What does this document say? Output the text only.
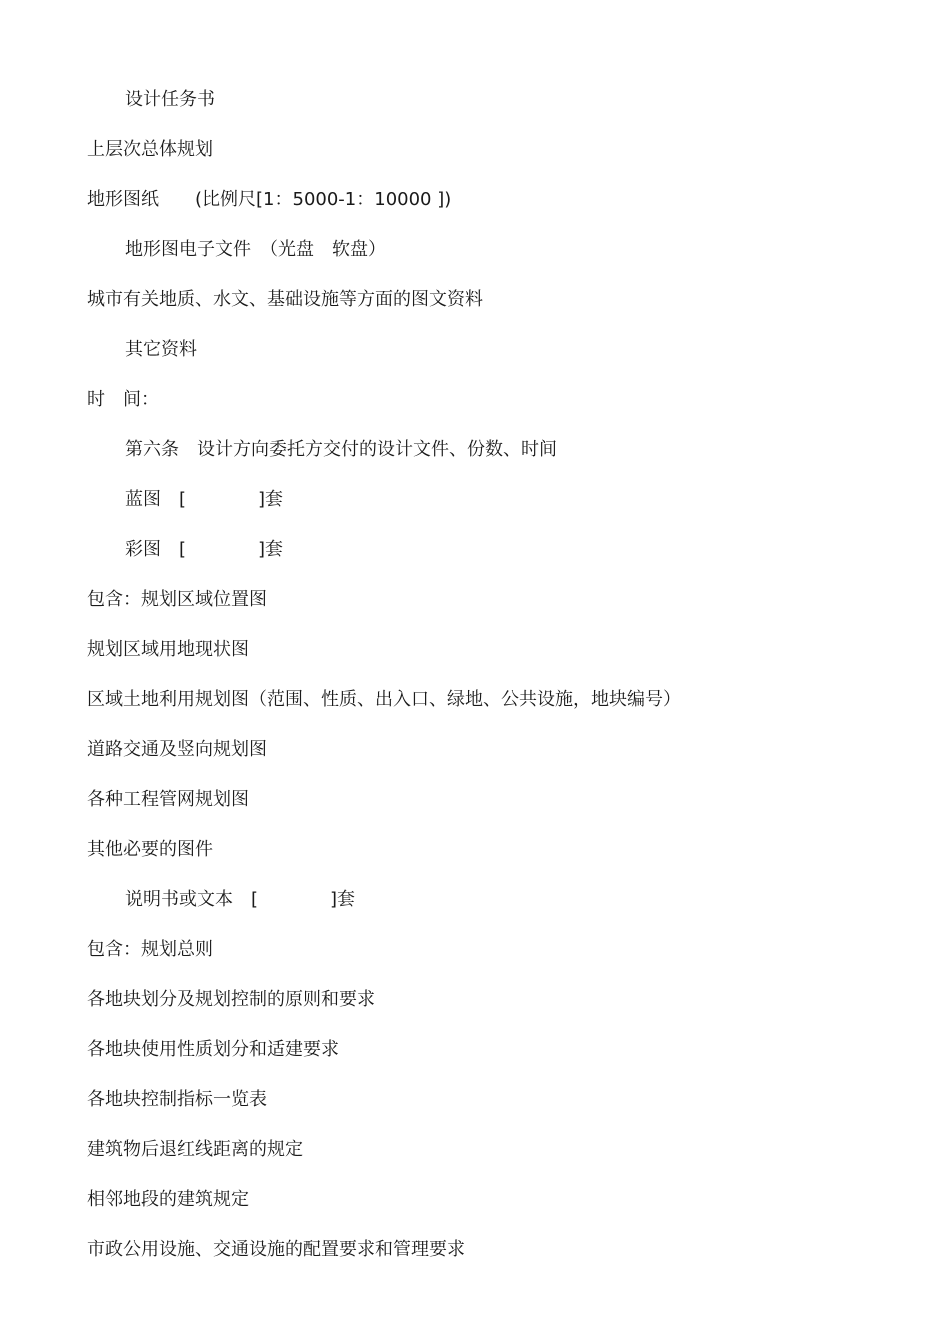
设计任务书
上层次总体规划
地形图纸　　(比例尺[1：5000-1：10000 ])
地形图电子文件　（光盘　软盘）
城市有关地质、水文、基础设施等方面的图文资料
其它资料
时　间：
第六条　设计方向委托方交付的设计文件、份数、时间
蓝图　[　　　　]套
彩图　[　　　　]套
包含：规划区域位置图
规划区域用地现状图
区域土地利用规划图（范围、性质、出入口、绿地、公共设施，地块编号）
道路交通及竖向规划图
各种工程管网规划图
其他必要的图件
说明书或文本　[　　　　]套
包含：规划总则
各地块划分及规划控制的原则和要求
各地块使用性质划分和适建要求
各地块控制指标一览表
建筑物后退红线距离的规定
相邻地段的建筑规定
市政公用设施、交通设施的配置要求和管理要求
